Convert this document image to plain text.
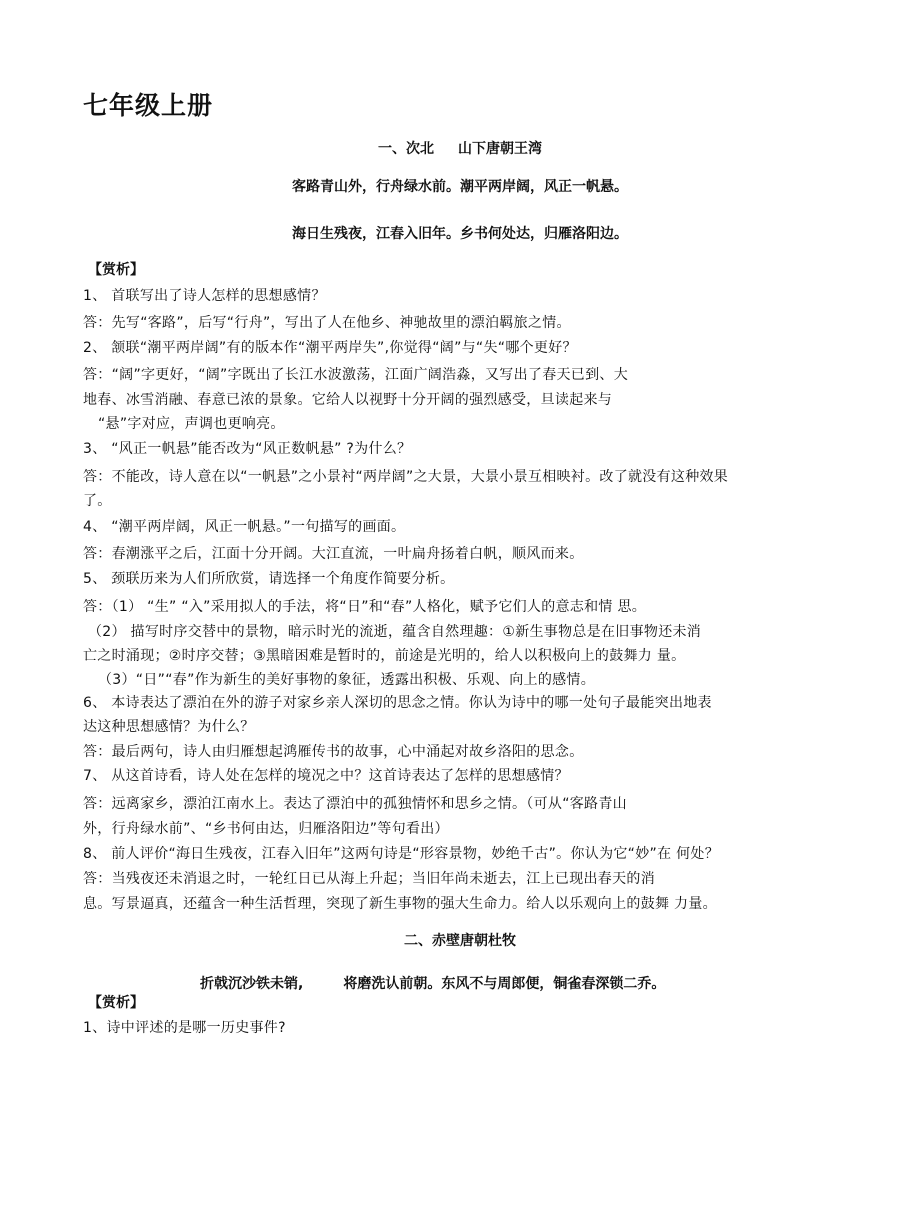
七年级上册
一、次北 山下唐朝王湾
客路青山外，行舟绿水前。潮平两岸阔，风正一帆悬。
海日生残夜，江春入旧年。乡书何处达，归雁洛阳边。
【赏析】
1、 首联写出了诗人怎样的思想感情？
答：先写“客路”，后写“行舟”，写出了人在他乡、神驰故里的漂泊羁旅之情。
2、 颔联“潮平两岸阔”有的版本作“潮平两岸失”,你觉得“阔”与“失“哪个更好？
答：“阔”字更好，“阔”字既出了长江水波激荡，江面广阔浩淼，又写出了春天已到、大
地春、冰雪消融、春意已浓的景象。它给人以视野十分开阔的强烈感受，旦读起来与
“悬”字对应，声调也更响亮。
3、 “风正一帆悬”能否改为“风正数帆悬” ?为什么？
答：不能改，诗人意在以“一帆悬”之小景衬“两岸阔”之大景，大景小景互相映衬。改了就没有这种效果
了。
4、 “潮平两岸阔，风正一帆悬。”一句描写的画面。
答：春潮涨平之后，江面十分开阔。大江直流，一叶扁舟扬着白帆，顺风而来。
5、 颈联历来为人们所欣赏，请选择一个角度作简要分析。
答：（1） “生” “入”采用拟人的手法，将“日”和“春”人格化，赋予它们人的意志和情 思。
（2） 描写时序交替中的景物，暗示时光的流逝，蕴含自然理趣：①新生事物总是在旧事物还未消
亡之时涌现；②时序交替；③黑暗困难是暂时的，前途是光明的，给人以积极向上的鼓舞力 量。
（3）“日”“春”作为新生的美好事物的象征，透露出积极、乐观、向上的感情。
6、 本诗表达了漂泊在外的游子对家乡亲人深切的思念之情。你认为诗中的哪一处句子最能突出地表
达这种思想感情？为什么？
答：最后两句，诗人由归雁想起鸿雁传书的故事，心中涌起对故乡洛阳的思念。
7、 从这首诗看，诗人处在怎样的境况之中？这首诗表达了怎样的思想感情？
答：远离家乡，漂泊江南水上。表达了漂泊中的孤独情怀和思乡之情。（可从“客路青山
外，行舟绿水前”、“乡书何由达，归雁洛阳边”等句看出）
8、 前人评价“海日生残夜，江春入旧年”这两句诗是“形容景物，妙绝千古”。你认为它“妙”在 何处？
答：当残夜还未消退之时，一轮红日已从海上升起；当旧年尚未逝去，江上已现出春天的消
息。写景逼真，还蕴含一种生活哲理，突现了新生事物的强大生命力。给人以乐观向上的鼓舞 力量。
二、赤壁唐朝杜牧
折戟沉沙铁未销,	将磨洗认前朝。东风不与周郎便，铜雀春深锁二乔。
【赏析】
1、诗中评述的是哪一历史事件?
